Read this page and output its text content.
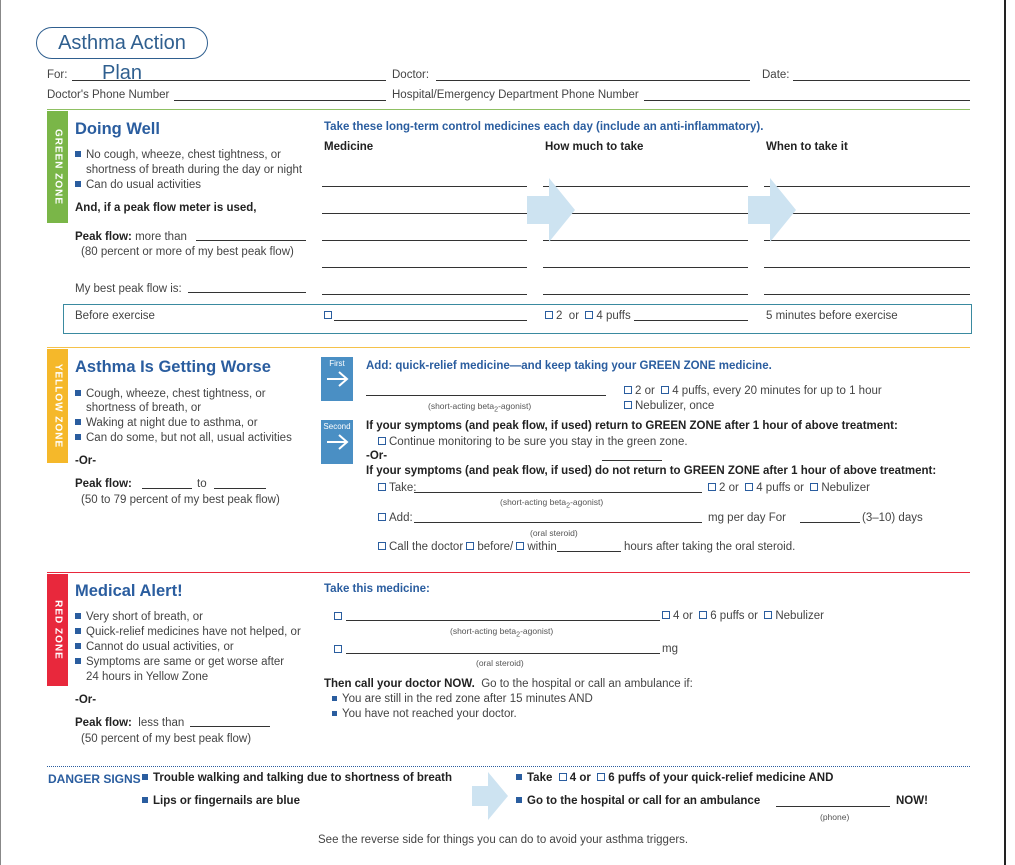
Asthma Action Plan
For:	Doctor:	Date:
Doctor's Phone Number	Hospital/Emergency Department Phone Number
GREEN ZONE Doing Well
No cough, wheeze, chest tightness, or
shortness of breath during the day or night
Can do usual activities
And, if a peak flow meter is used,
Peak flow: more than
(80 percent or more of my best peak flow)
My best peak flow is:
Take these long-term control medicines each day (include an anti-inflammatory).
Medicine	How much to take	When to take it
Before exercise	2 or 4 puffs	5 minutes before exercise
YELLOW ZONE Asthma Is Getting Worse
Cough, wheeze, chest tightness, or
shortness of breath, or
Waking at night due to asthma, or
Can do some, but not all, usual activities
-Or-
Peak flow:	to
(50 to 79 percent of my best peak flow)
First	Add: quick-relief medicine—and keep taking your GREEN ZONE medicine.
(short-acting beta$_2$-agonist)
2 or 4 puffs, every 20 minutes for up to 1 hour
Nebulizer, once
Second If your symptoms (and peak flow, if used) return to GREEN ZONE after 1 hour of above treatment:
Continue monitoring to be sure you stay in the green zone.
-Or-
If your symptoms (and peak flow, if used) do not return to GREEN ZONE after 1 hour of above treatment:
Take:
(short-acting beta$_2$-agonist)
2 or 4 puffs or Nebulizer
Add:
(oral steroid)
mg per day For	(3–10) days
Call the doctor before/ within	hours after taking the oral steroid.
RED ZONE
Medical Alert!
Very short of breath, or
Quick-relief medicines have not helped, or
Cannot do usual activities, or
Symptoms are same or get worse after
24 hours in Yellow Zone
-Or-
Peak flow: less than
(50 percent of my best peak flow)
Take this medicine:
(short-acting beta$_2$-agonist)
4 or 6 puffs or Nebulizer
mg
(oral steroid)
Then call your doctor NOW. Go to the hospital or call an ambulance if:
You are still in the red zone after 15 minutes AND
You have not reached your doctor.
DANGER SIGNS	Trouble walking and talking due to shortness of breath
Lips or fingernails are blue
Take 4 or 6 puffs of your quick-relief medicine AND
Go to the hospital or call for an ambulance	NOW!
(phone)
See the reverse side for things you can do to avoid your asthma triggers.
